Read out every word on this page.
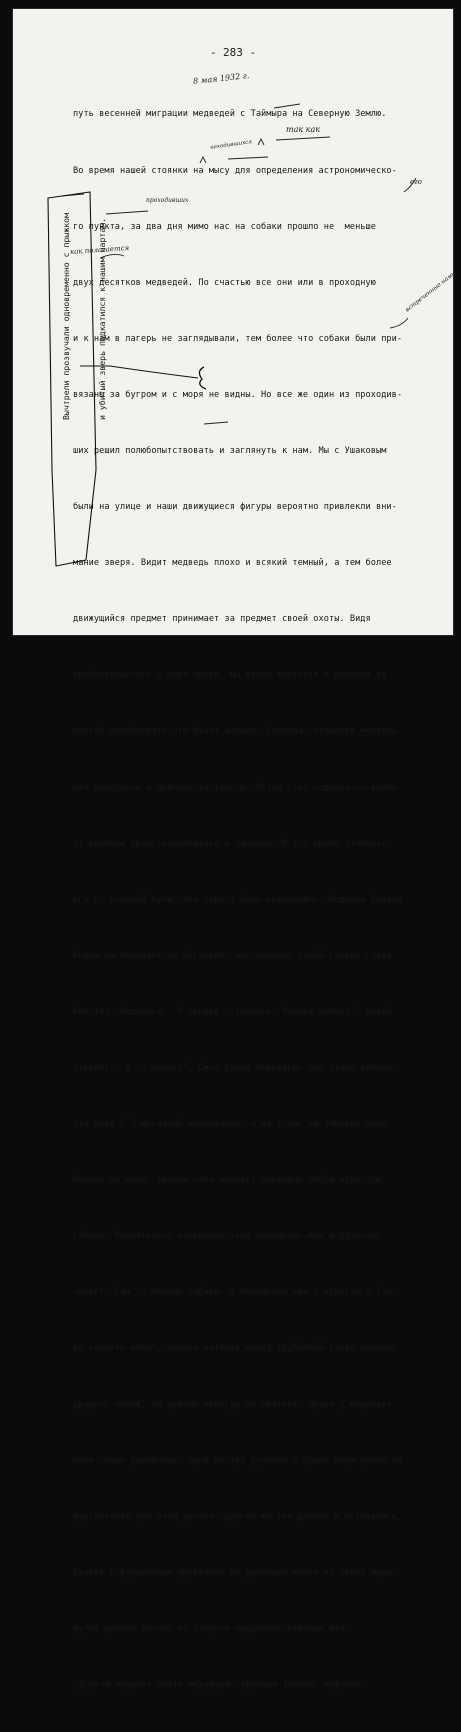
- 283 -

путь весенней миграции медведей с Таймыра на Северную Землю.

Во время нашей стоянки на мысу для определения астрономическо-

го пункта, за два дня мимо нас на собаки прошло не  меньше

двух десятков медведей. По счастью все они или в проходную

и к нам в лагерь не заглядывали, тем более что собаки были при-

вязаны за бугром и с моря не видны. Но все же один из проходив-

ших решил полюбопытствовать и заглянуть к нам. Мы с Ушаковым

были на улице и наши движущиеся фигуры вероятно привлекли вни-

мание зверя. Видит медведь плохо и всякий темный, а тем более

движущийся предмет принимает за предмет своей охоты. Видя

приближающегося с моря зверя, мы взяли винтовки и присели за

нартой понаблюдать,что будет дальше. Сначала, издалека медведь

шел крадучись и прячась за торосы. Потом стал подползать,время

от времени приостанавливаясь и замирал. В это время отличить

его от снежной кучи, или тороса было невозможно. Подпола близко

Видим выглядывает за бугорком, нос прикрыт лапой,только глаза

блестят. Поджался.  К прыжку готовился. Ушаков шепчет " давай

стрелять, а то махнет". Сила удара медвежьих лап столь велика,

что даже 2-3 месячный медвежонок, а их у нас на зимовке пере-

бывало не мало, ударом лапы швыряет навзничь любую взрослую

собаку. Удивительно поведение этих маленьких,как игрушечных

зверят. Сам то меньше собаки, а поведение как у взрослого.Так-

же сердито шипит, смешно вытянув морду трубочкой,также норовит

ударить лапой, но зубами никогда не хватает. Нравы у медвежат

были самые различные. Одни быстро ручнели и брали корм прямо из

рук,ласково при этом урчали, другие же так дикими и оставались.

Ушаков с Журавлевым привозили их довольно много из своих марш-

рутов ранней весной по забросе продовольственных баз.

Другой предмет охоты медведей- крупные тюлени- морские

Вычтрели прозвучали одновременно с прыжком

	и убитый зверь подкатился к нашим нартам.

8 мая 1932 г.
так как
находившихся
проходивших
его
как полагается
встреченные нами
